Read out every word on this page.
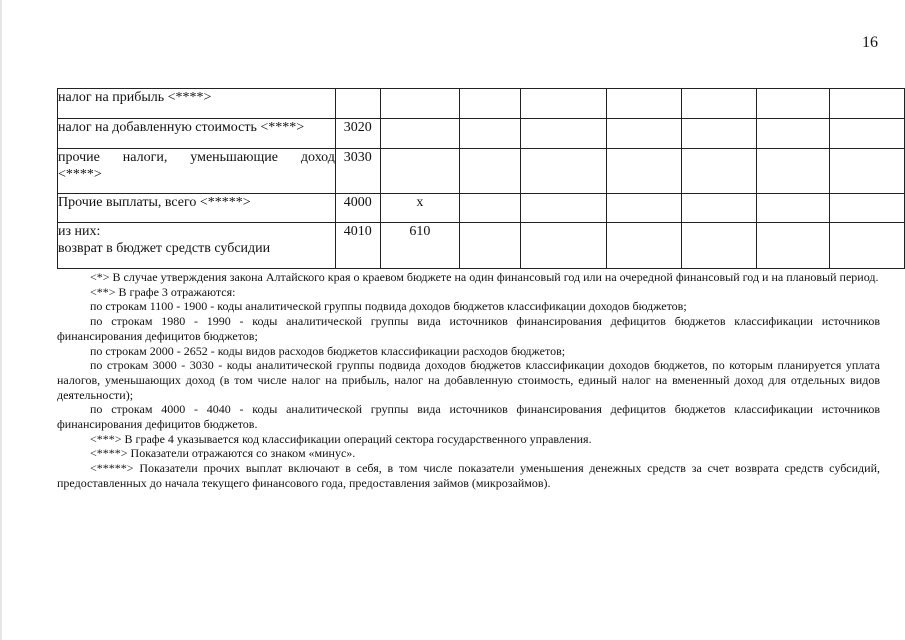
16
налог на прибыль <****>								
налог на добавленную стоимость <****>	3020							

прочие налоги, уменьшающие доход
<****>	3030							
Прочие выплаты, всего <*****>	4000	x						

из них:
возврат в бюджет средств субсидии	4010	610						

<*> В случае утверждения закона Алтайского края о краевом бюджете на один финансовый год или на очередной финансовый год и на плановый период.

<**> В графе 3 отражаются:

по строкам 1100 - 1900 - коды аналитической группы подвида доходов бюджетов классификации доходов бюджетов;

по строкам 1980 - 1990 - коды аналитической группы вида источников финансирования дефицитов бюджетов классификации источников финансирования дефицитов бюджетов;

по строкам 2000 - 2652 - коды видов расходов бюджетов классификации расходов бюджетов;

по строкам 3000 - 3030 - коды аналитической группы подвида доходов бюджетов классификации доходов бюджетов, по которым планируется уплата налогов, уменьшающих доход (в том числе налог на прибыль, налог на добавленную стоимость, единый налог на вмененный доход для отдельных видов деятельности);

по строкам 4000 - 4040 - коды аналитической группы вида источников финансирования дефицитов бюджетов классификации источников финансирования дефицитов бюджетов.

<***> В графе 4 указывается код классификации операций сектора государственного управления.

<****> Показатели отражаются со знаком «минус».

<*****> Показатели прочих выплат включают в себя, в том числе показатели уменьшения денежных средств за счет возврата средств субсидий, предоставленных до начала текущего финансового года, предоставления займов (микрозаймов).
